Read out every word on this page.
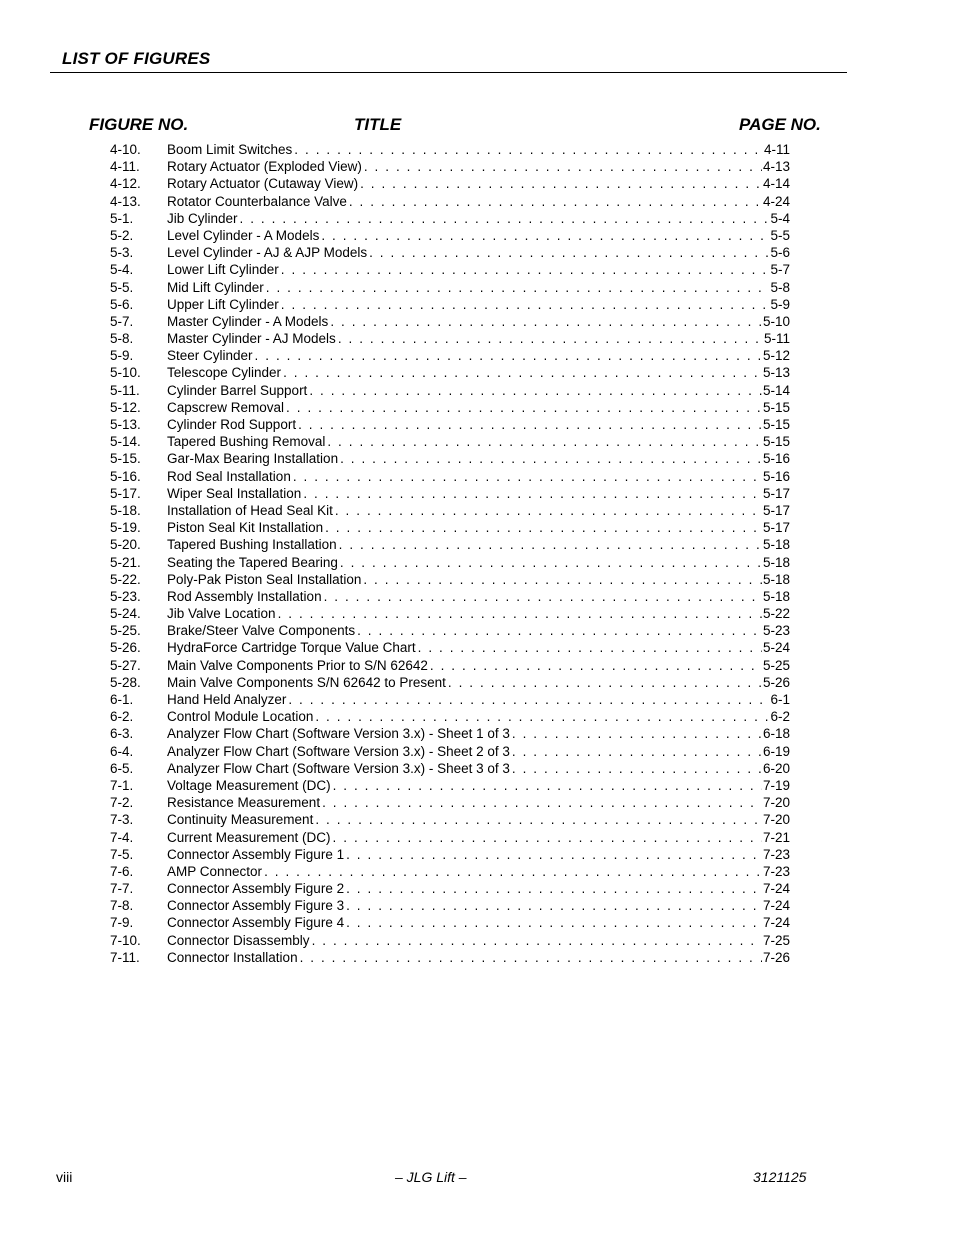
LIST OF FIGURES
FIGURE NO.	TITLE	PAGE NO.
4-10.	Boom Limit Switches . . .	4-11
4-11.	Rotary Actuator (Exploded View) . . .	4-13
4-12.	Rotary Actuator (Cutaway View) . . .	4-14
4-13.	Rotator Counterbalance Valve . . .	4-24
5-1.	Jib Cylinder . . .	5-4
5-2.	Level Cylinder - A Models . . .	5-5
5-3.	Level Cylinder - AJ & AJP Models . . .	5-6
5-4.	Lower Lift Cylinder . . .	5-7
5-5.	Mid Lift Cylinder . . .	5-8
5-6.	Upper Lift Cylinder . . .	5-9
5-7.	Master Cylinder - A Models . . .	5-10
5-8.	Master Cylinder - AJ Models . . .	5-11
5-9.	Steer Cylinder . . .	5-12
5-10.	Telescope Cylinder . . .	5-13
5-11.	Cylinder Barrel Support . . .	5-14
5-12.	Capscrew Removal . . .	5-15
5-13.	Cylinder Rod Support . . .	5-15
5-14.	Tapered Bushing Removal . . .	5-15
5-15.	Gar-Max Bearing Installation . . .	5-16
5-16.	Rod Seal Installation . . .	5-16
5-17.	Wiper Seal Installation . . .	5-17
5-18.	Installation of Head Seal Kit . . .	5-17
5-19.	Piston Seal Kit Installation . . .	5-17
5-20.	Tapered Bushing Installation . . .	5-18
5-21.	Seating the Tapered Bearing . . .	5-18
5-22.	Poly-Pak Piston Seal Installation . . .	5-18
5-23.	Rod Assembly Installation . . .	5-18
5-24.	Jib Valve Location . . .	5-22
5-25.	Brake/Steer Valve Components . . .	5-23
5-26.	HydraForce Cartridge Torque Value Chart . . .	5-24
5-27.	Main Valve Components Prior to S/N 62642 . . .	5-25
5-28.	Main Valve Components S/N 62642 to Present . . .	5-26
6-1.	Hand Held Analyzer . . .	6-1
6-2.	Control Module Location . . .	6-2
6-3.	Analyzer Flow Chart (Software Version 3.x) - Sheet 1 of 3 . . .	6-18
6-4.	Analyzer Flow Chart (Software Version 3.x) - Sheet 2 of 3 . . .	6-19
6-5.	Analyzer Flow Chart (Software Version 3.x) - Sheet 3 of 3 . . .	6-20
7-1.	Voltage Measurement (DC) . . .	7-19
7-2.	Resistance Measurement . . .	7-20
7-3.	Continuity Measurement . . .	7-20
7-4.	Current Measurement (DC) . . .	7-21
7-5.	Connector Assembly Figure 1 . . .	7-23
7-6.	AMP Connector . . .	7-23
7-7.	Connector Assembly Figure 2 . . .	7-24
7-8.	Connector Assembly Figure 3 . . .	7-24
7-9.	Connector Assembly Figure 4 . . .	7-24
7-10.	Connector Disassembly . . .	7-25
7-11.	Connector Installation . . .	7-26
viii	– JLG Lift –	3121125
